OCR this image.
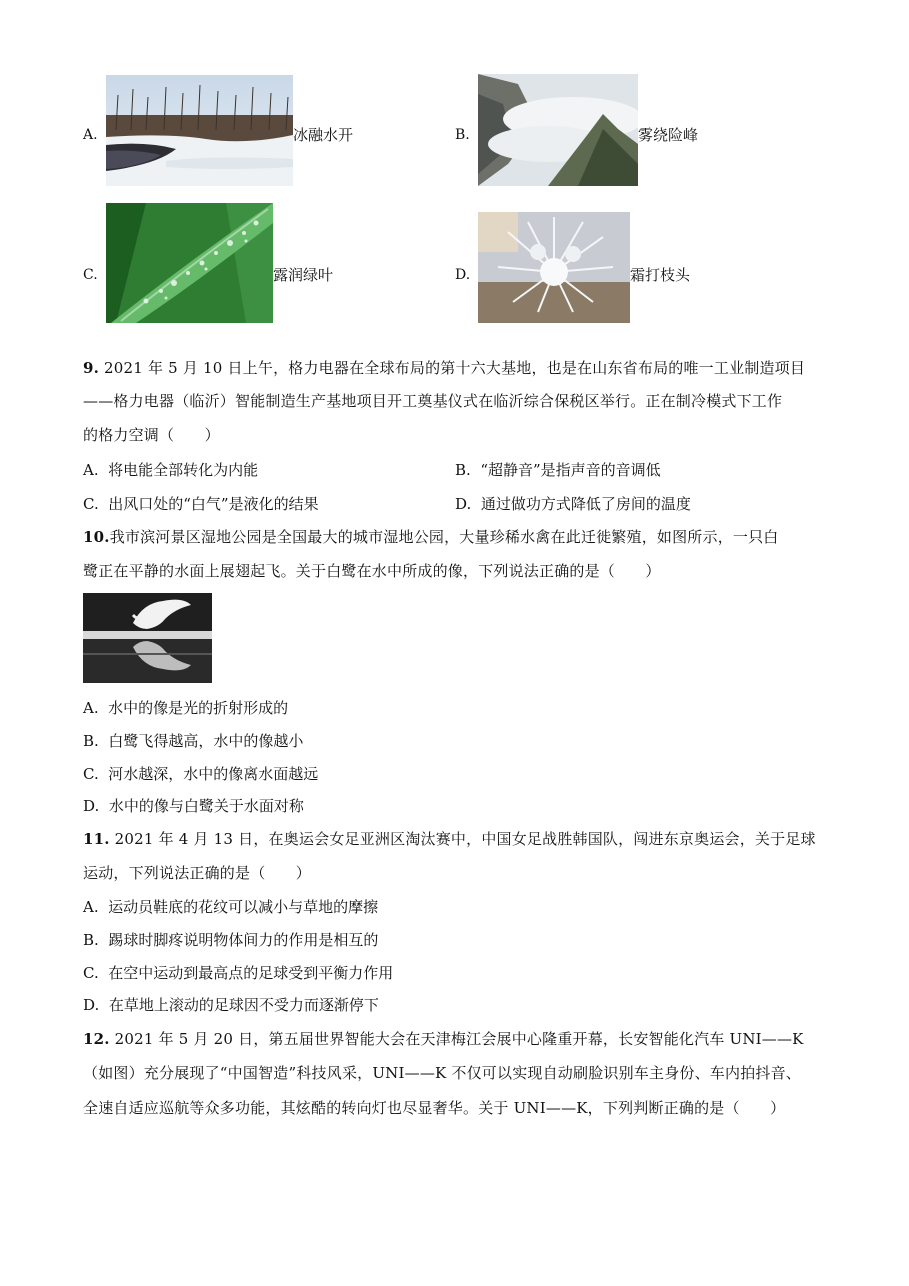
A.	冰融水开	B.	雾绕险峰
C.	露润绿叶	D.	霜打枝头
9. 2021 年 5 月 10 日上午，格力电器在全球布局的第十六大基地，也是在山东省布局的唯一工业制造项目
——格力电器（临沂）智能制造生产基地项目开工奠基仪式在临沂综合保税区举行。正在制冷模式下工作
的格力空调（　　）
A. 将电能全部转化为内能	B. “超静音”是指声音的音调低
C. 出风口处的“白气”是液化的结果	D. 通过做功方式降低了房间的温度
10.我市滨河景区湿地公园是全国最大的城市湿地公园，大量珍稀水禽在此迁徙繁殖，如图所示，一只白
鹭正在平静的水面上展翅起飞。关于白鹭在水中所成的像，下列说法正确的是（　　）
A. 水中的像是光的折射形成的
B. 白鹭飞得越高，水中的像越小
C. 河水越深，水中的像离水面越远
D. 水中的像与白鹭关于水面对称
11. 2021 年 4 月 13 日，在奥运会女足亚洲区淘汰赛中，中国女足战胜韩国队，闯进东京奥运会，关于足球
运动，下列说法正确的是（　　）
A. 运动员鞋底的花纹可以减小与草地的摩擦
B. 踢球时脚疼说明物体间力的作用是相互的
C. 在空中运动到最高点的足球受到平衡力作用
D. 在草地上滚动的足球因不受力而逐渐停下
12. 2021 年 5 月 20 日，第五届世界智能大会在天津梅江会展中心隆重开幕，长安智能化汽车 UNI——K
（如图）充分展现了“中国智造”科技风采，UNI——K 不仅可以实现自动刷脸识别车主身份、车内拍抖音、
全速自适应巡航等众多功能，其炫酷的转向灯也尽显奢华。关于 UNI——K，下列判断正确的是（　　）
